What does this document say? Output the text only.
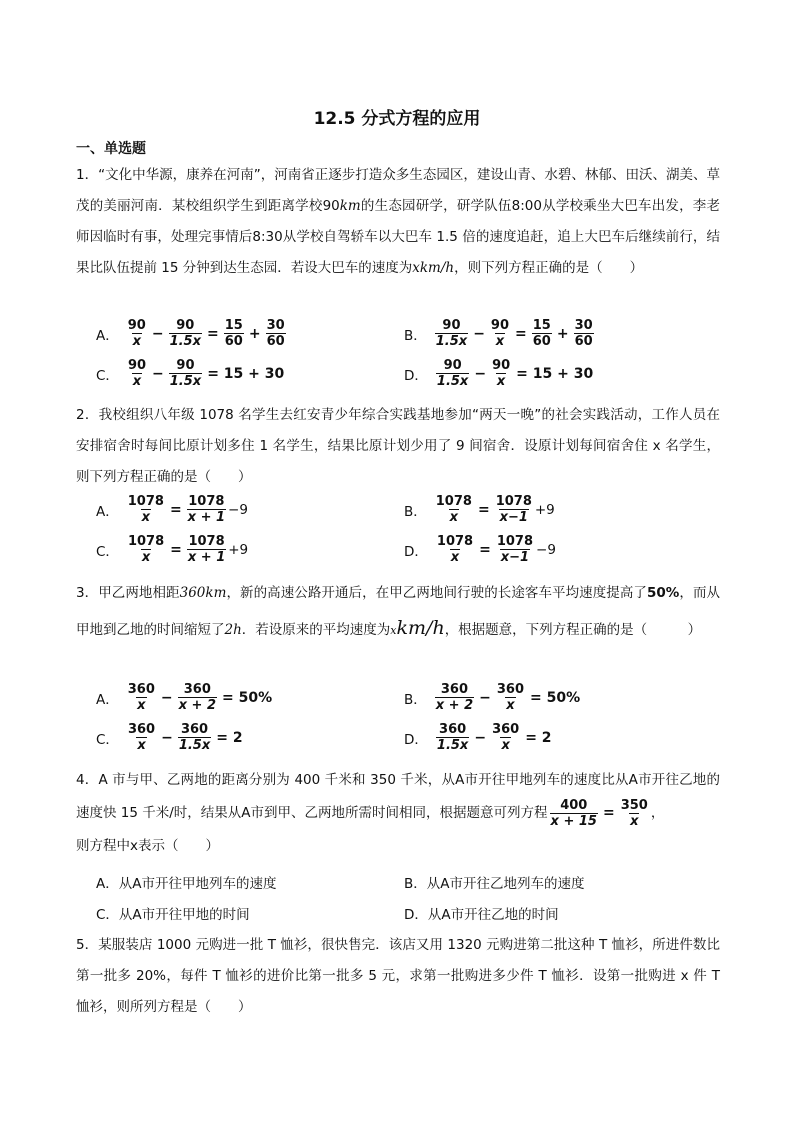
12.5 分式方程的应用
一、单选题
1．“文化中华源，康养在河南”，河南省正逐步打造众多生态园区，建设山青、水碧、林郁、田沃、湖美、草茂的美丽河南．某校组织学生到距离学校90km的生态园研学，研学队伍8:00从学校乘坐大巴车出发，李老师因临时有事，处理完事情后8:30从学校自驾轿车以大巴车 1.5 倍的速度追赶，追上大巴车后继续前行，结果比队伍提前 15 分钟到达生态园．若设大巴车的速度为xkm/h，则下列方程正确的是（　　）
A． $\frac{90}{x} - \frac{90}{1.5x} = \frac{15}{60} + \frac{30}{60}$	B． $\frac{90}{1.5x} - \frac{90}{x} = \frac{15}{60} + \frac{30}{60}$
C． $\frac{90}{x} - \frac{90}{1.5x} = 15 + 30$	D． $\frac{90}{1.5x} - \frac{90}{x} = 15 + 30$
2．我校组织八年级 1078 名学生去红安青少年综合实践基地参加“两天一晚”的社会实践活动，工作人员在安排宿舍时每间比原计划多住 1 名学生，结果比原计划少用了 9 间宿舍．设原计划每间宿舍住 x 名学生，则下列方程正确的是（　　）
A． $\frac{1078}{x} = \frac{1078}{x + 1} -9$	B． $\frac{1078}{x} = \frac{1078}{x-1} +9$
C． $\frac{1078}{x} = \frac{1078}{x + 1} +9$	D． $\frac{1078}{x} = \frac{1078}{x-1} -9$
3．甲乙两地相距360km，新的高速公路开通后，在甲乙两地间行驶的长途客车平均速度提高了50%，而从甲地到乙地的时间缩短了2h．若设原来的平均速度为xkm/h，根据题意，下列方程正确的是（　　　）
A． $\frac{360}{x} - \frac{360}{x + 2} = 50\%$	B． $\frac{360}{x + 2} - \frac{360}{x} = 50\%$
C． $\frac{360}{x} - \frac{360}{1.5x} = 2$	D． $\frac{360}{1.5x} - \frac{360}{x} = 2$
4．A 市与甲、乙两地的距离分别为 400 千米和 350 千米，从A市开往甲地列车的速度比从A市开往乙地的速度快 15 千米/时，结果从A市到甲、乙两地所需时间相同，根据题意可列方程 $\frac{400}{x + 15} = \frac{350}{x}$ ，
则方程中x表示（　　）
A．从A市开往甲地列车的速度	B．从A市开往乙地列车的速度
C．从A市开往甲地的时间	D．从A市开往乙地的时间
5．某服装店 1000 元购进一批 T 恤衫，很快售完．该店又用 1320 元购进第二批这种 T 恤衫，所进件数比第一批多 20%，每件 T 恤衫的进价比第一批多 5 元，求第一批购进多少件 T 恤衫．设第一批购进 x 件 T 恤衫，则所列方程是（　　）
